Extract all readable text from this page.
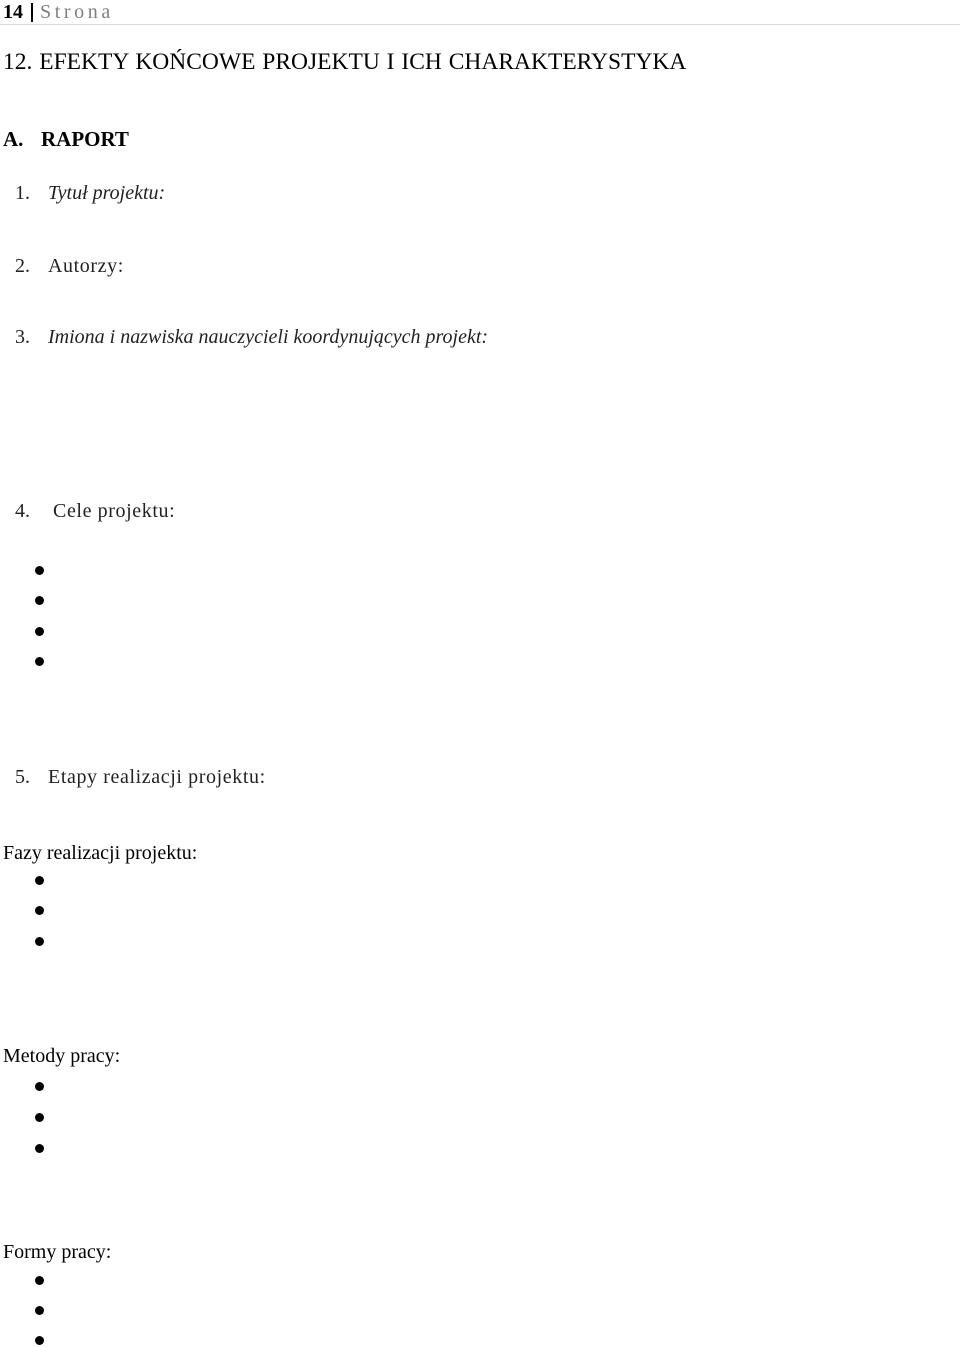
14 Strona
12. EFEKTY KOŃCOWE PROJEKTU I ICH CHARAKTERYSTYKA
A. RAPORT
1. Tytuł projektu:
2. Autorzy:
3. Imiona i nazwiska nauczycieli koordynujących projekt:
4. Cele projektu:
5. Etapy realizacji projektu:
Fazy realizacji projektu:
Metody pracy:
Formy pracy:
